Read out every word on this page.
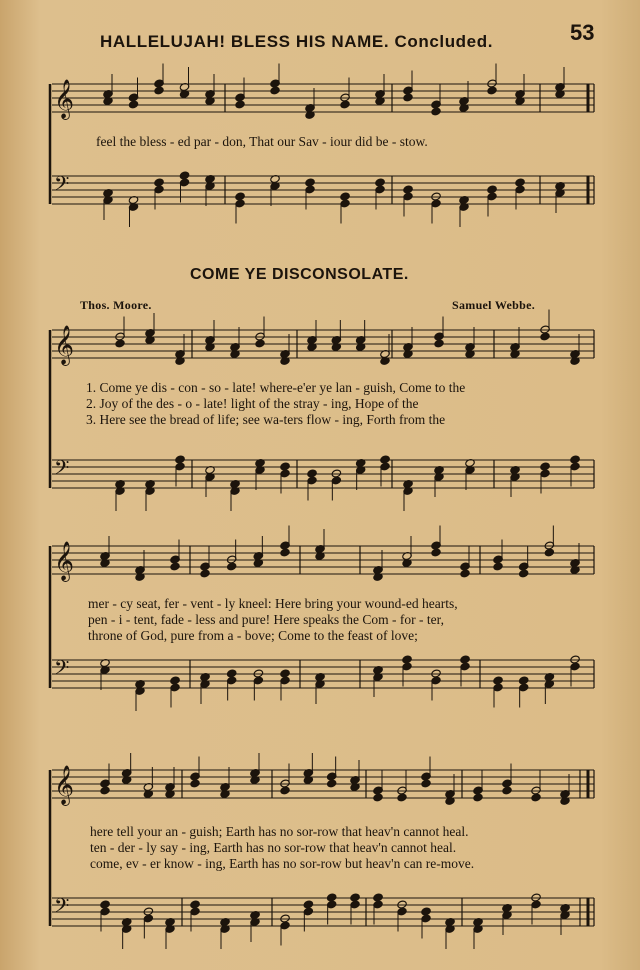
𝄞
𝄢
𝄞
𝄢
𝄞
𝄢
𝄞
𝄢
HALLELUJAH! BLESS HIS NAME. Concluded.	53
feel the bless - ed par - don, That our Sav - iour did be - stow.
COME YE DISCONSOLATE.
Thos. Moore.	Samuel Webbe.
1. Come ye dis - con - so - late! where-e'er ye lan - guish, Come to the
2. Joy of the des - o - late! light of the stray - ing, Hope of the
3. Here see the bread of life; see wa-ters flow - ing, Forth from the
mer - cy seat, fer - vent - ly kneel: Here bring your wound-ed hearts,
pen - i - tent, fade - less and pure! Here speaks the Com - for - ter,
throne of God, pure from a - bove; Come to the feast of love;
here tell your an - guish; Earth has no sor-row that heav'n cannot heal.
ten - der - ly say - ing, Earth has no sor-row that heav'n cannot heal.
come, ev - er know - ing, Earth has no sor-row but heav'n can re-move.
